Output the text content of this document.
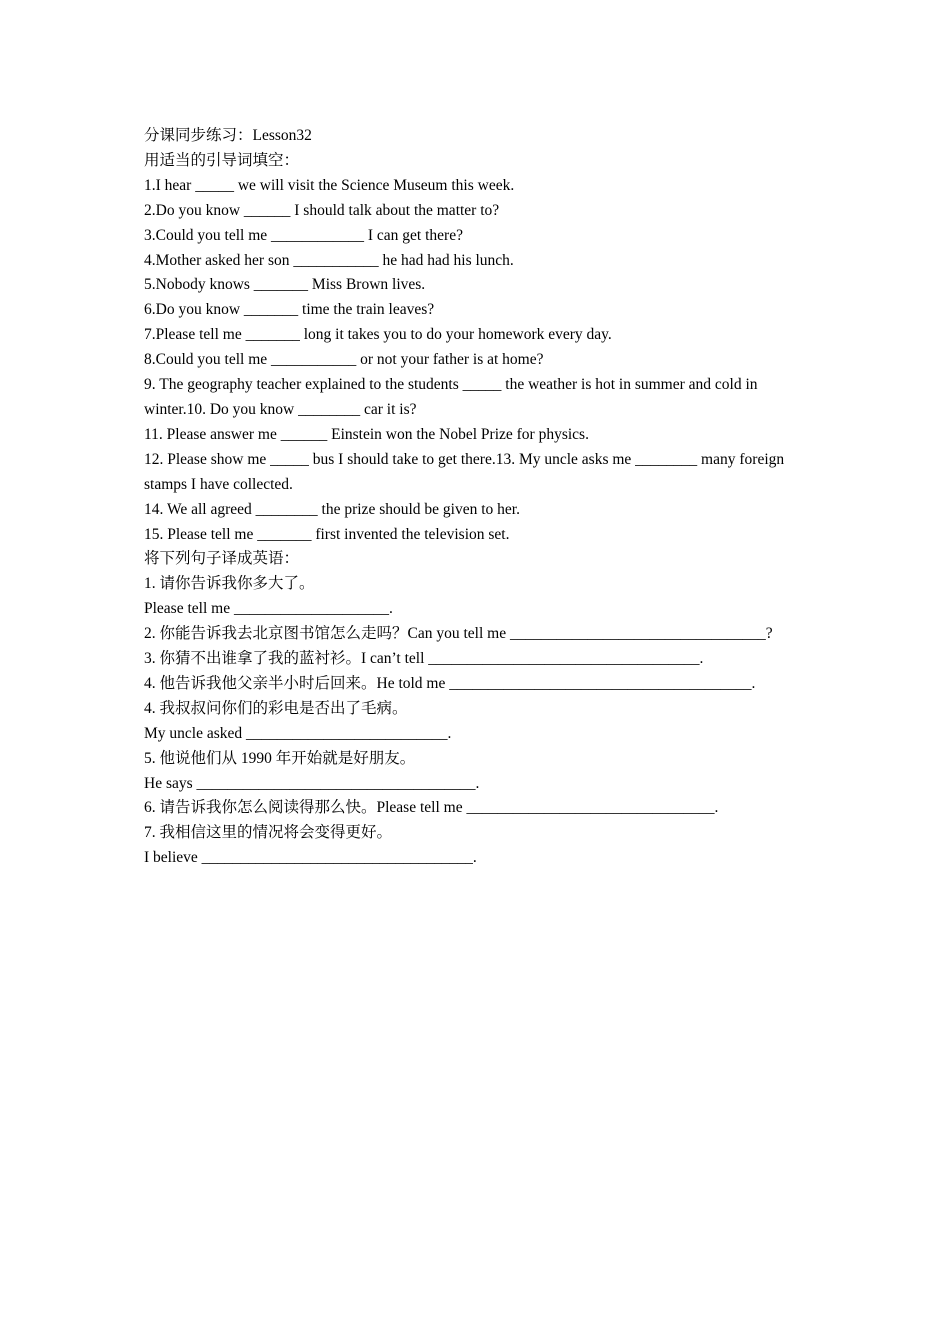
分课同步练习：Lesson32

用适当的引导词填空：

1.I hear _____ we will visit the Science Museum this week.

2.Do you know ______ I should talk about the matter to?

3.Could you tell me ____________ I can get there?

4.Mother asked her son ___________ he had had his lunch.

5.Nobody knows _______ Miss Brown lives.

6.Do you know _______ time the train leaves?

7.Please tell me _______ long it takes you to do your homework every day.

8.Could you tell me ___________ or not your father is at home?

9. The geography teacher explained to the students _____ the weather is hot in summer and cold in winter.10. Do you know ________ car it is?

11. Please answer me ______ Einstein won the Nobel Prize for physics.

12. Please show me _____ bus I should take to get there.13. My uncle asks me ________ many foreign stamps I have collected.

14. We all agreed ________ the prize should be given to her.

15. Please tell me _______ first invented the television set.

将下列句子译成英语：

1. 请你告诉我你多大了。

Please tell me ____________________.

2. 你能告诉我去北京图书馆怎么走吗？Can you tell me _________________________________?

3. 你猜不出谁拿了我的蓝衬衫。I can’t tell ___________________________________.

4. 他告诉我他父亲半小时后回来。He told me _______________________________________.

4. 我叔叔问你们的彩电是否出了毛病。

My uncle asked __________________________.

5. 他说他们从 1990 年开始就是好朋友。

He says ____________________________________.

6. 请告诉我你怎么阅读得那么快。Please tell me ________________________________.

7. 我相信这里的情况将会变得更好。

I believe ___________________________________.
